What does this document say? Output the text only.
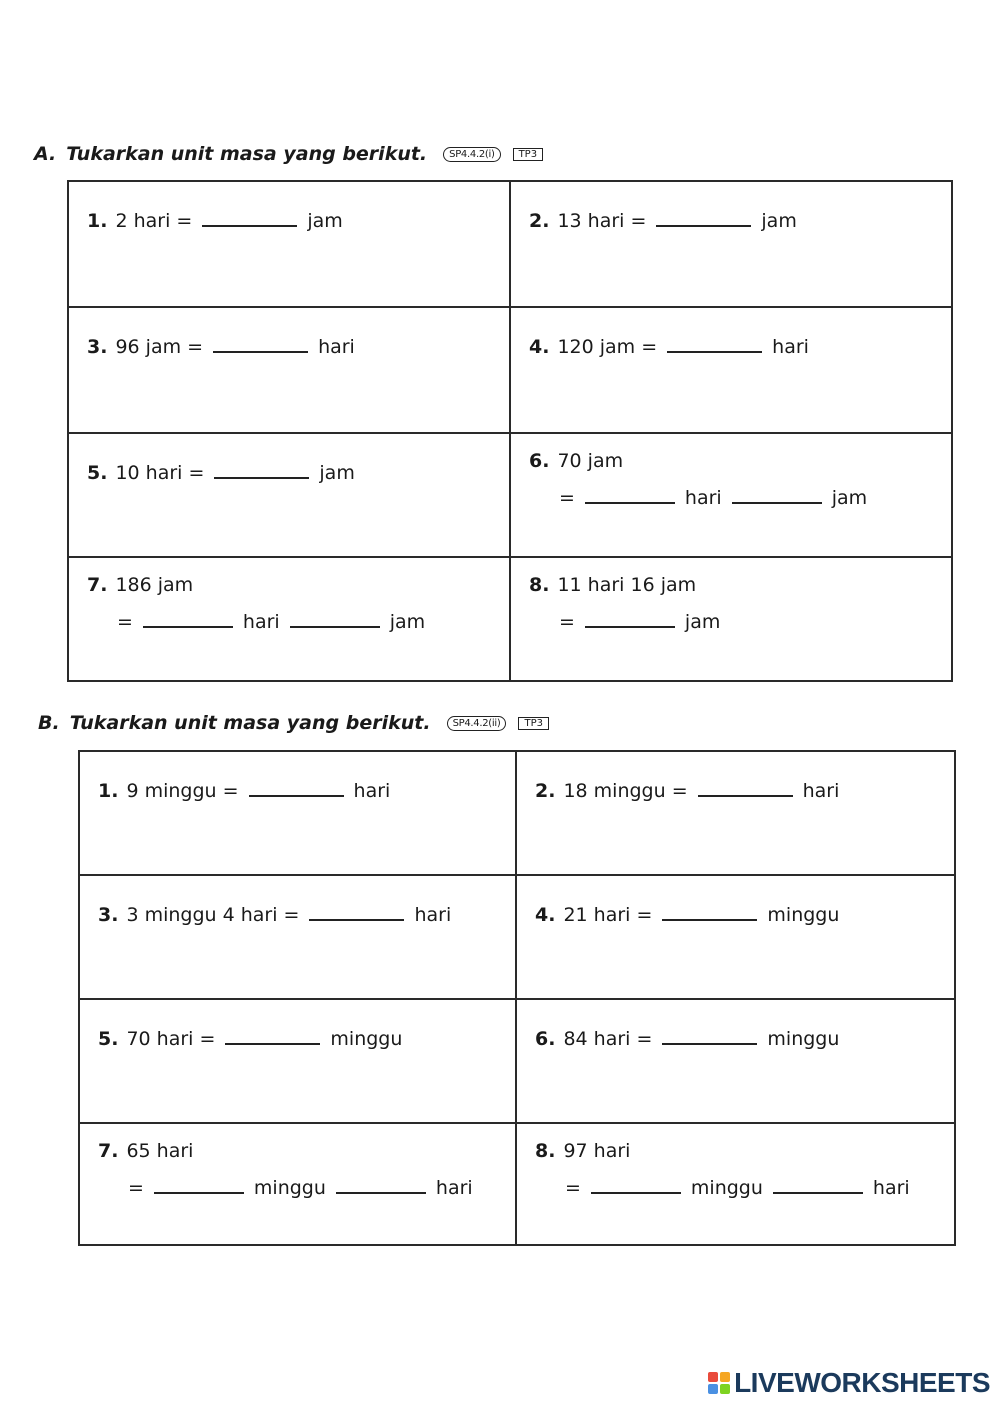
A. Tukarkan unit masa yang berikut.	SP4.4.2(i)	TP3
1. 2 hari = jam	2. 13 hari = jam

3. 96 jam = hari	4. 120 jam = hari

5. 10 hari = jam	6. 70 jam
= hari jam

7. 186 jam
= hari jam	8. 11 hari 16 jam
= jam
B. Tukarkan unit masa yang berikut.	SP4.4.2(ii)	TP3
1. 9 minggu = hari	2. 18 minggu = hari

3. 3 minggu 4 hari = hari	4. 21 hari = minggu

5. 70 hari = minggu	6. 84 hari = minggu

7. 65 hari
= minggu hari	8. 97 hari
= minggu hari
LIVEWORKSHEETS
